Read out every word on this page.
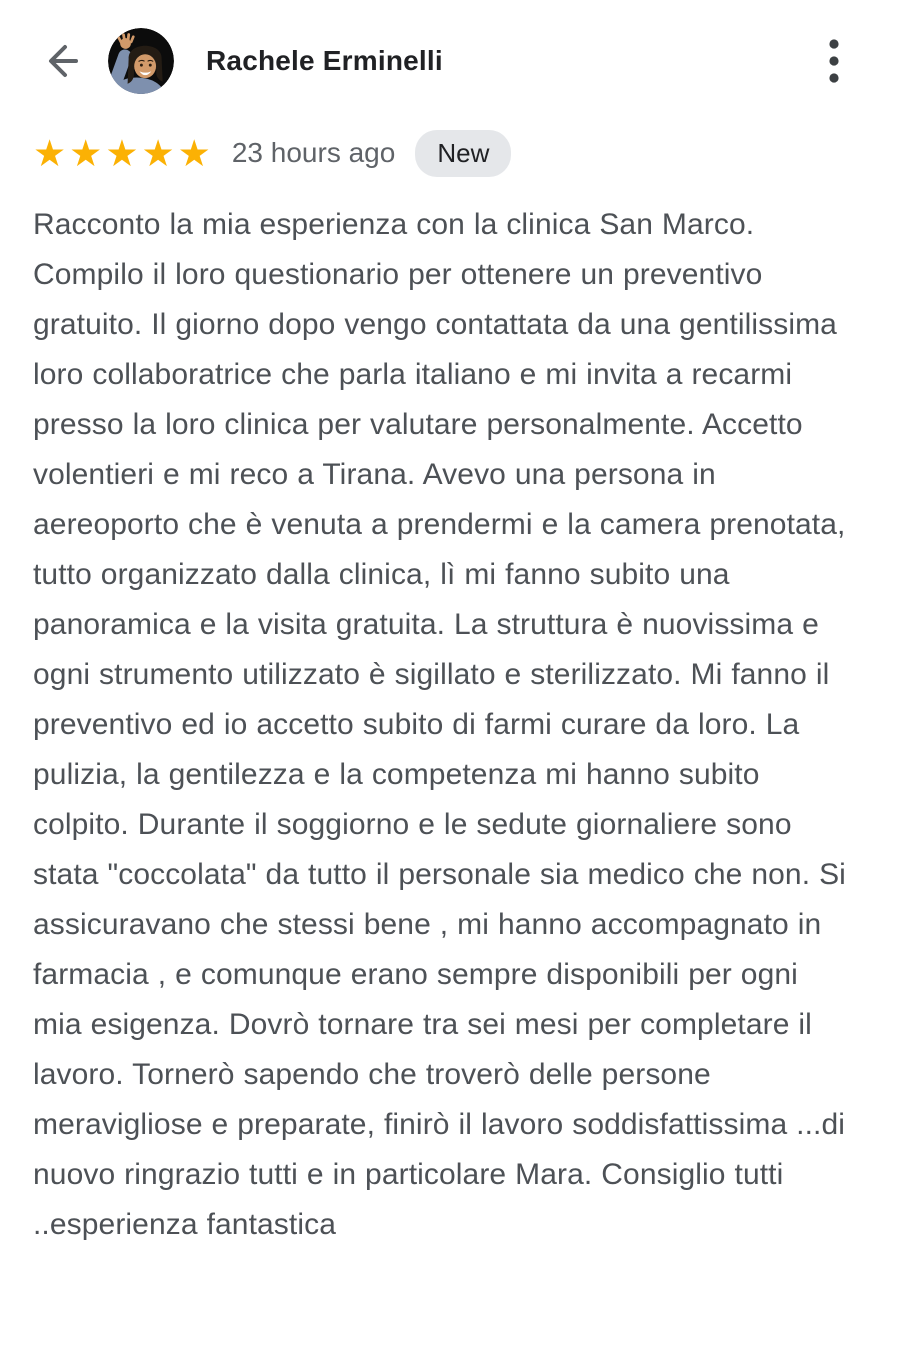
Rachele Erminelli
★★★★★ 23 hours ago	New

Racconto la mia esperienza con la clinica San Marco. Compilo il loro questionario per ottenere un preventivo gratuito. Il giorno dopo vengo contattata da una gentilissima loro collaboratrice che parla italiano e mi invita a recarmi presso la loro clinica per valutare personalmente. Accetto volentieri e mi reco a Tirana. Avevo una persona in aereoporto che è venuta a prendermi e la camera prenotata, tutto organizzato dalla clinica, lì mi fanno subito una panoramica e la visita gratuita. La struttura è nuovissima e ogni strumento utilizzato è sigillato e sterilizzato. Mi fanno il preventivo ed io accetto subito di farmi curare da loro. La pulizia, la gentilezza e la competenza mi hanno subito colpito. Durante il soggiorno e le sedute giornaliere sono stata "coccolata" da tutto il personale sia medico che non. Si assicuravano che stessi bene , mi hanno accompagnato in farmacia , e comunque erano sempre disponibili per ogni mia esigenza. Dovrò tornare tra sei mesi per completare il lavoro. Tornerò sapendo che troverò delle persone meravigliose e preparate, finirò il lavoro soddisfattissima ...di nuovo ringrazio tutti e in particolare Mara. Consiglio tutti ..esperienza fantastica
